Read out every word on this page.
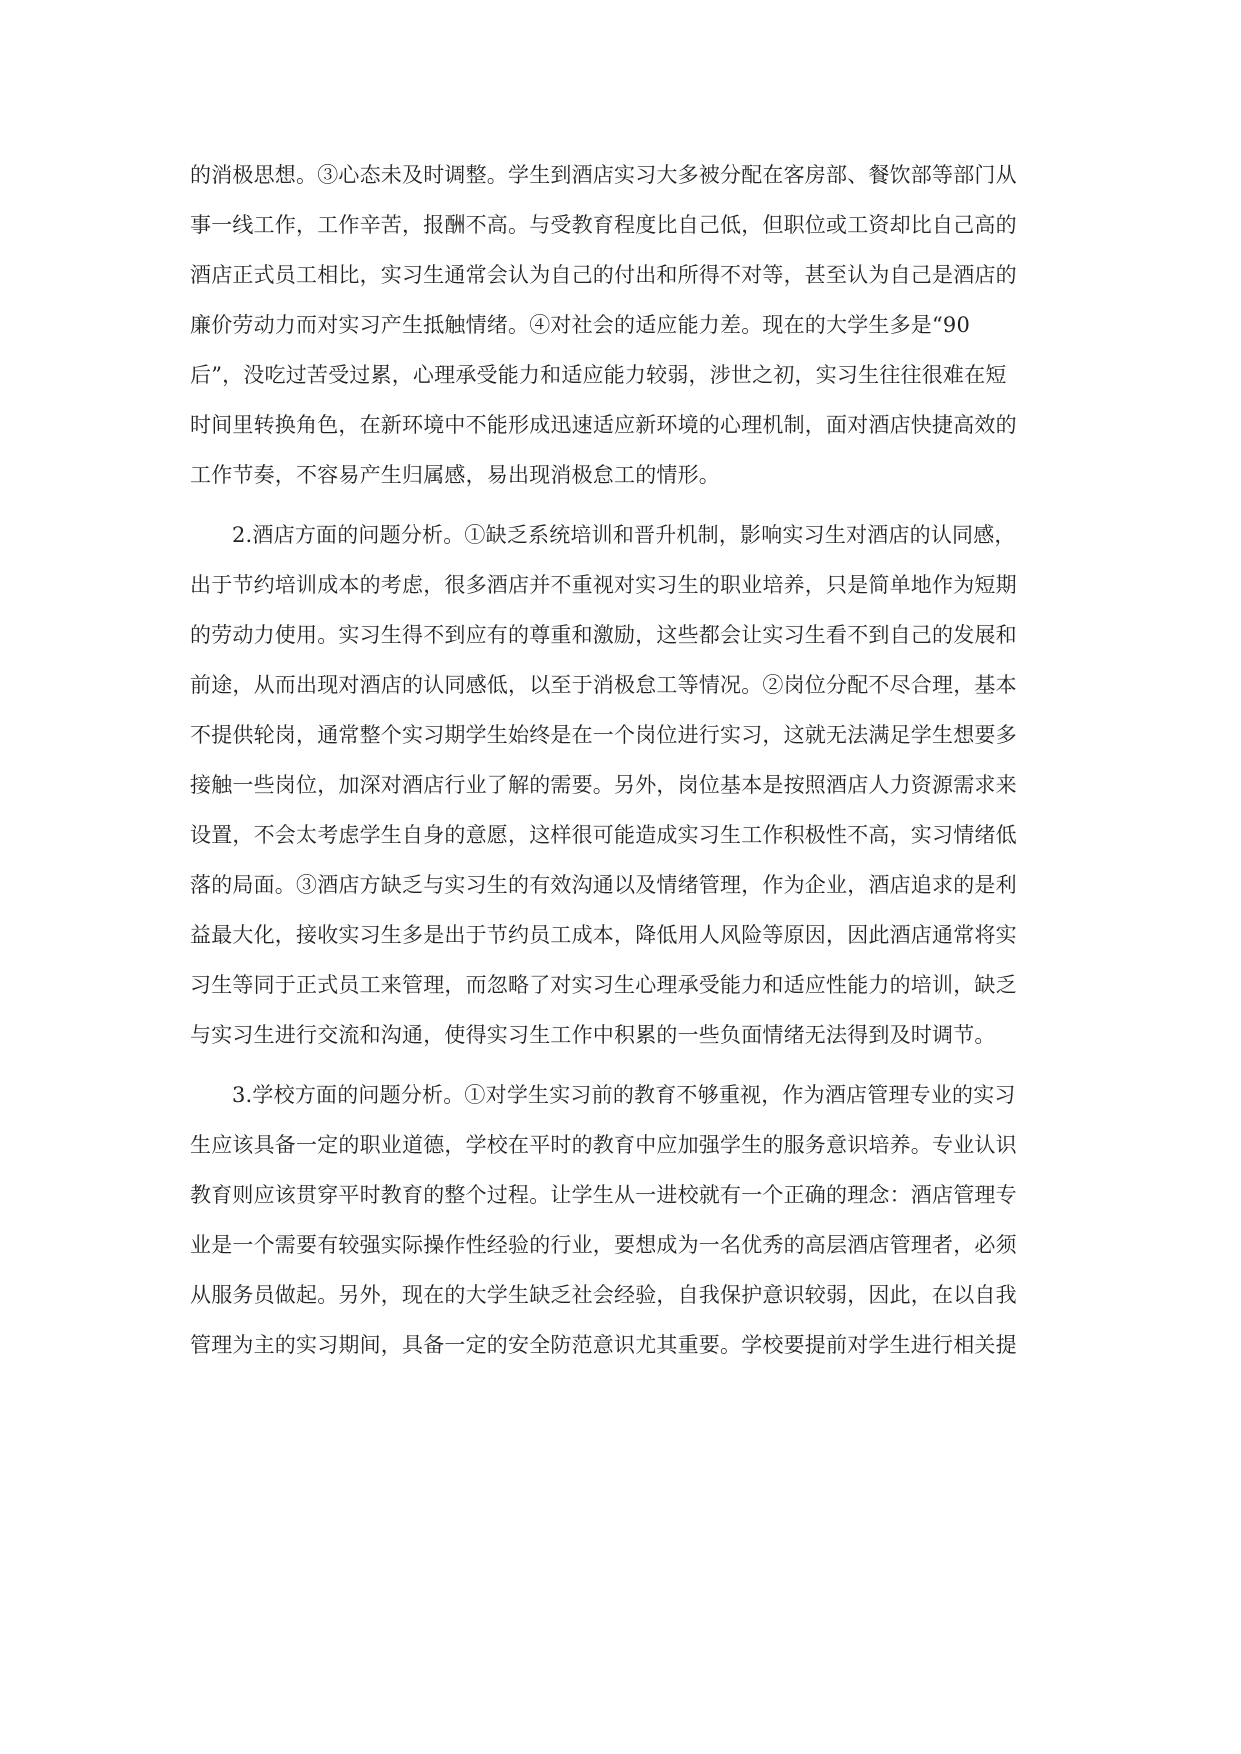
的消极思想。③心态未及时调整。学生到酒店实习大多被分配在客房部、餐饮部等部门从
事一线工作，工作辛苦，报酬不高。与受教育程度比自己低，但职位或工资却比自己高的
酒店正式员工相比，实习生通常会认为自己的付出和所得不对等，甚至认为自己是酒店的
廉价劳动力而对实习产生抵触情绪。④对社会的适应能力差。现在的大学生多是“90
后”，没吃过苦受过累，心理承受能力和适应能力较弱，涉世之初，实习生往往很难在短
时间里转换角色，在新环境中不能形成迅速适应新环境的心理机制，面对酒店快捷高效的
工作节奏，不容易产生归属感，易出现消极怠工的情形。
2.酒店方面的问题分析。①缺乏系统培训和晋升机制，影响实习生对酒店的认同感，
出于节约培训成本的考虑，很多酒店并不重视对实习生的职业培养，只是简单地作为短期
的劳动力使用。实习生得不到应有的尊重和激励，这些都会让实习生看不到自己的发展和
前途，从而出现对酒店的认同感低，以至于消极怠工等情况。②岗位分配不尽合理，基本
不提供轮岗，通常整个实习期学生始终是在一个岗位进行实习，这就无法满足学生想要多
接触一些岗位，加深对酒店行业了解的需要。另外，岗位基本是按照酒店人力资源需求来
设置，不会太考虑学生自身的意愿，这样很可能造成实习生工作积极性不高，实习情绪低
落的局面。③酒店方缺乏与实习生的有效沟通以及情绪管理，作为企业，酒店追求的是利
益最大化，接收实习生多是出于节约员工成本，降低用人风险等原因，因此酒店通常将实
习生等同于正式员工来管理，而忽略了对实习生心理承受能力和适应性能力的培训，缺乏
与实习生进行交流和沟通，使得实习生工作中积累的一些负面情绪无法得到及时调节。
3.学校方面的问题分析。①对学生实习前的教育不够重视，作为酒店管理专业的实习
生应该具备一定的职业道德，学校在平时的教育中应加强学生的服务意识培养。专业认识
教育则应该贯穿平时教育的整个过程。让学生从一进校就有一个正确的理念：酒店管理专
业是一个需要有较强实际操作性经验的行业，要想成为一名优秀的高层酒店管理者，必须
从服务员做起。另外，现在的大学生缺乏社会经验，自我保护意识较弱，因此，在以自我
管理为主的实习期间，具备一定的安全防范意识尤其重要。学校要提前对学生进行相关提
